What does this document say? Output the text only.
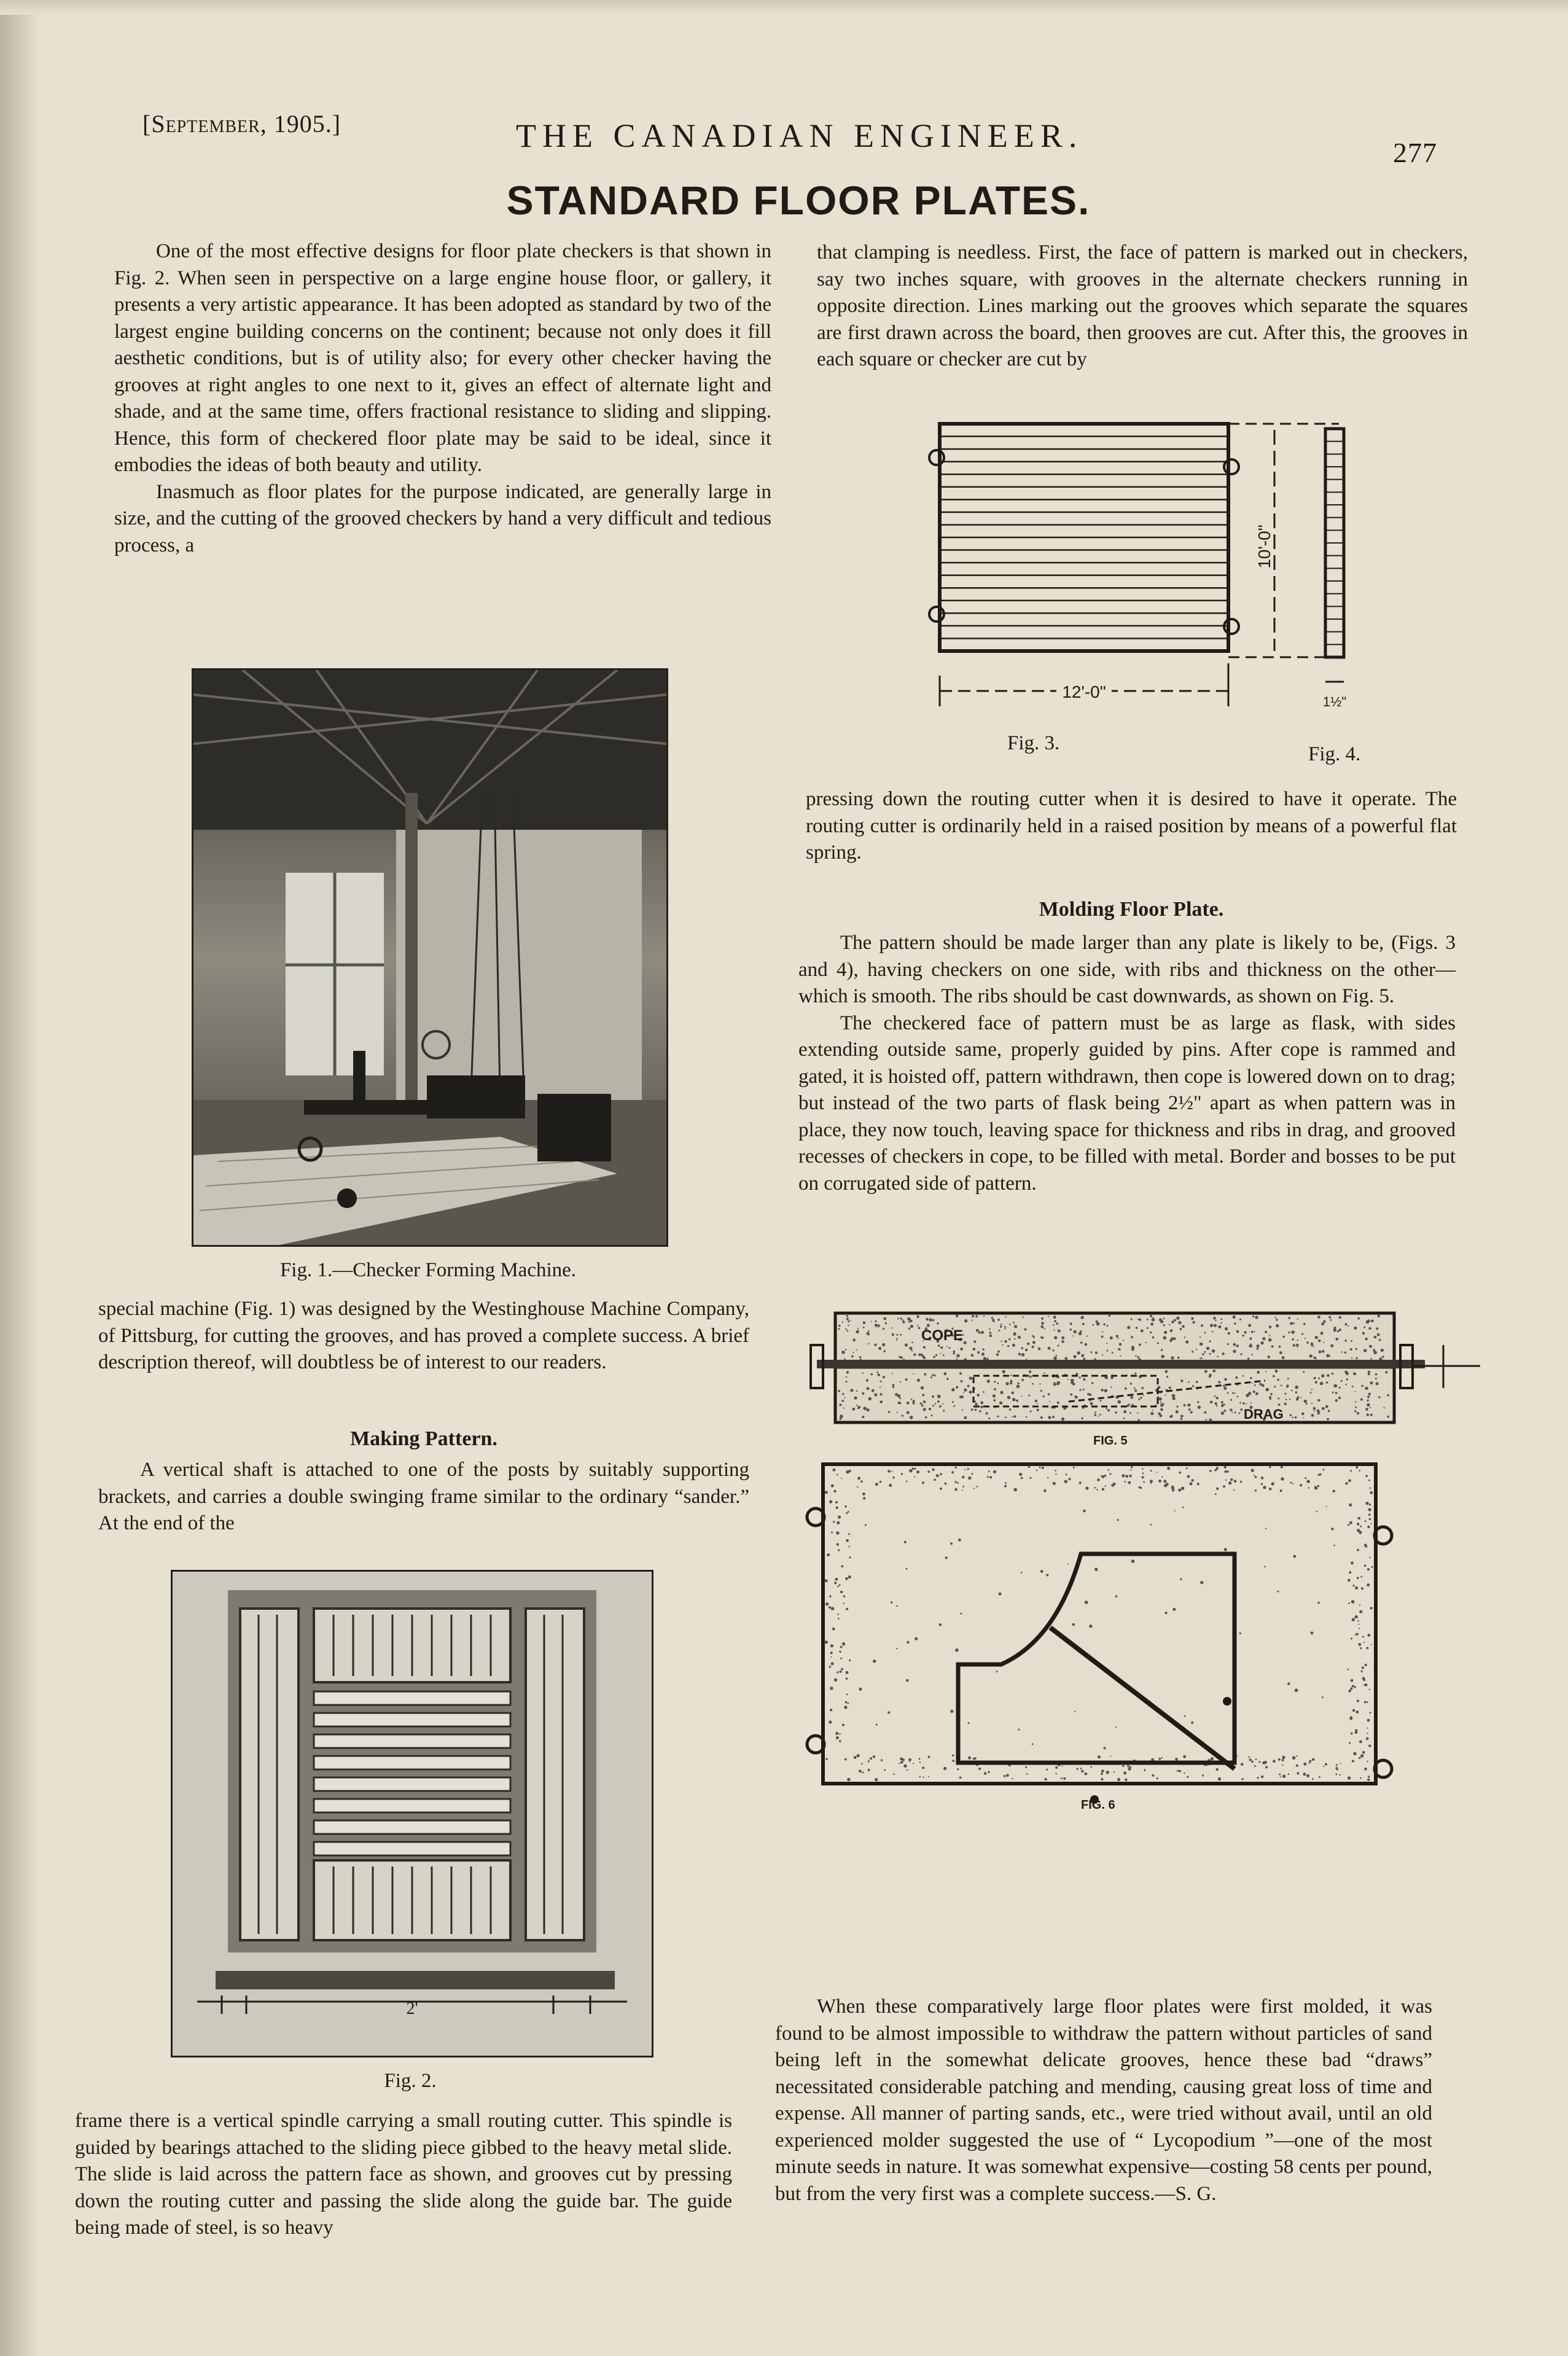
[September, 1905.]	THE CANADIAN ENGINEER.	277
STANDARD FLOOR PLATES.

One of the most effective designs for floor plate checkers is that shown in Fig. 2. When seen in perspective on a large engine house floor, or gallery, it presents a very artistic appearance. It has been adopted as standard by two of the largest engine building concerns on the continent; because not only does it fill aesthetic conditions, but is of utility also; for every other checker having the grooves at right angles to one next to it, gives an effect of alternate light and shade, and at the same time, offers fractional resistance to sliding and slipping. Hence, this form of checkered floor plate may be said to be ideal, since it embodies the ideas of both beauty and utility.

Inasmuch as floor plates for the purpose indicated, are generally large in size, and the cutting of the grooved checkers by hand a very difficult and tedious process, a

Fig. 1.—Checker Forming Machine.

special machine (Fig. 1) was designed by the Westinghouse Machine Company, of Pittsburg, for cutting the grooves, and has proved a complete success. A brief description thereof, will doubtless be of interest to our readers.

Making Pattern.

A vertical shaft is attached to one of the posts by suitably supporting brackets, and carries a double swinging frame similar to the ordinary “sander.” At the end of the

2'
Fig. 2.

frame there is a vertical spindle carrying a small routing cutter. This spindle is guided by bearings attached to the sliding piece gibbed to the heavy metal slide. The slide is laid across the pattern face as shown, and grooves cut by pressing down the routing cutter and passing the slide along the guide bar. The guide being made of steel, is so heavy

that clamping is needless. First, the face of pattern is marked out in checkers, say two inches square, with grooves in the alternate checkers running in opposite direction. Lines marking out the grooves which separate the squares are first drawn across the board, then grooves are cut. After this, the grooves in each square or checker are cut by

10'-0"
12'-0"
1½"
Fig. 3.	Fig. 4.

pressing down the routing cutter when it is desired to have it operate. The routing cutter is ordinarily held in a raised position by means of a powerful flat spring.

Molding Floor Plate.

The pattern should be made larger than any plate is likely to be, (Figs. 3 and 4), having checkers on one side, with ribs and thickness on the other—which is smooth. The ribs should be cast downwards, as shown on Fig. 5.

The checkered face of pattern must be as large as flask, with sides extending outside same, properly guided by pins. After cope is rammed and gated, it is hoisted off, pattern withdrawn, then cope is lowered down on to drag; but instead of the two parts of flask being 2½" apart as when pattern was in place, they now touch, leaving space for thickness and ribs in drag, and grooved recesses of checkers in cope, to be filled with metal. Border and bosses to be put on corrugated side of pattern.

COPE
DRAG
FIG. 5
FIG. 6

When these comparatively large floor plates were first molded, it was found to be almost impossible to withdraw the pattern without particles of sand being left in the somewhat delicate grooves, hence these bad “draws” necessitated considerable patching and mending, causing great loss of time and expense. All manner of parting sands, etc., were tried without avail, until an old experienced molder suggested the use of “ Lycopodium ”—one of the most minute seeds in nature. It was somewhat expensive—costing 58 cents per pound, but from the very first was a complete success.—S. G.
